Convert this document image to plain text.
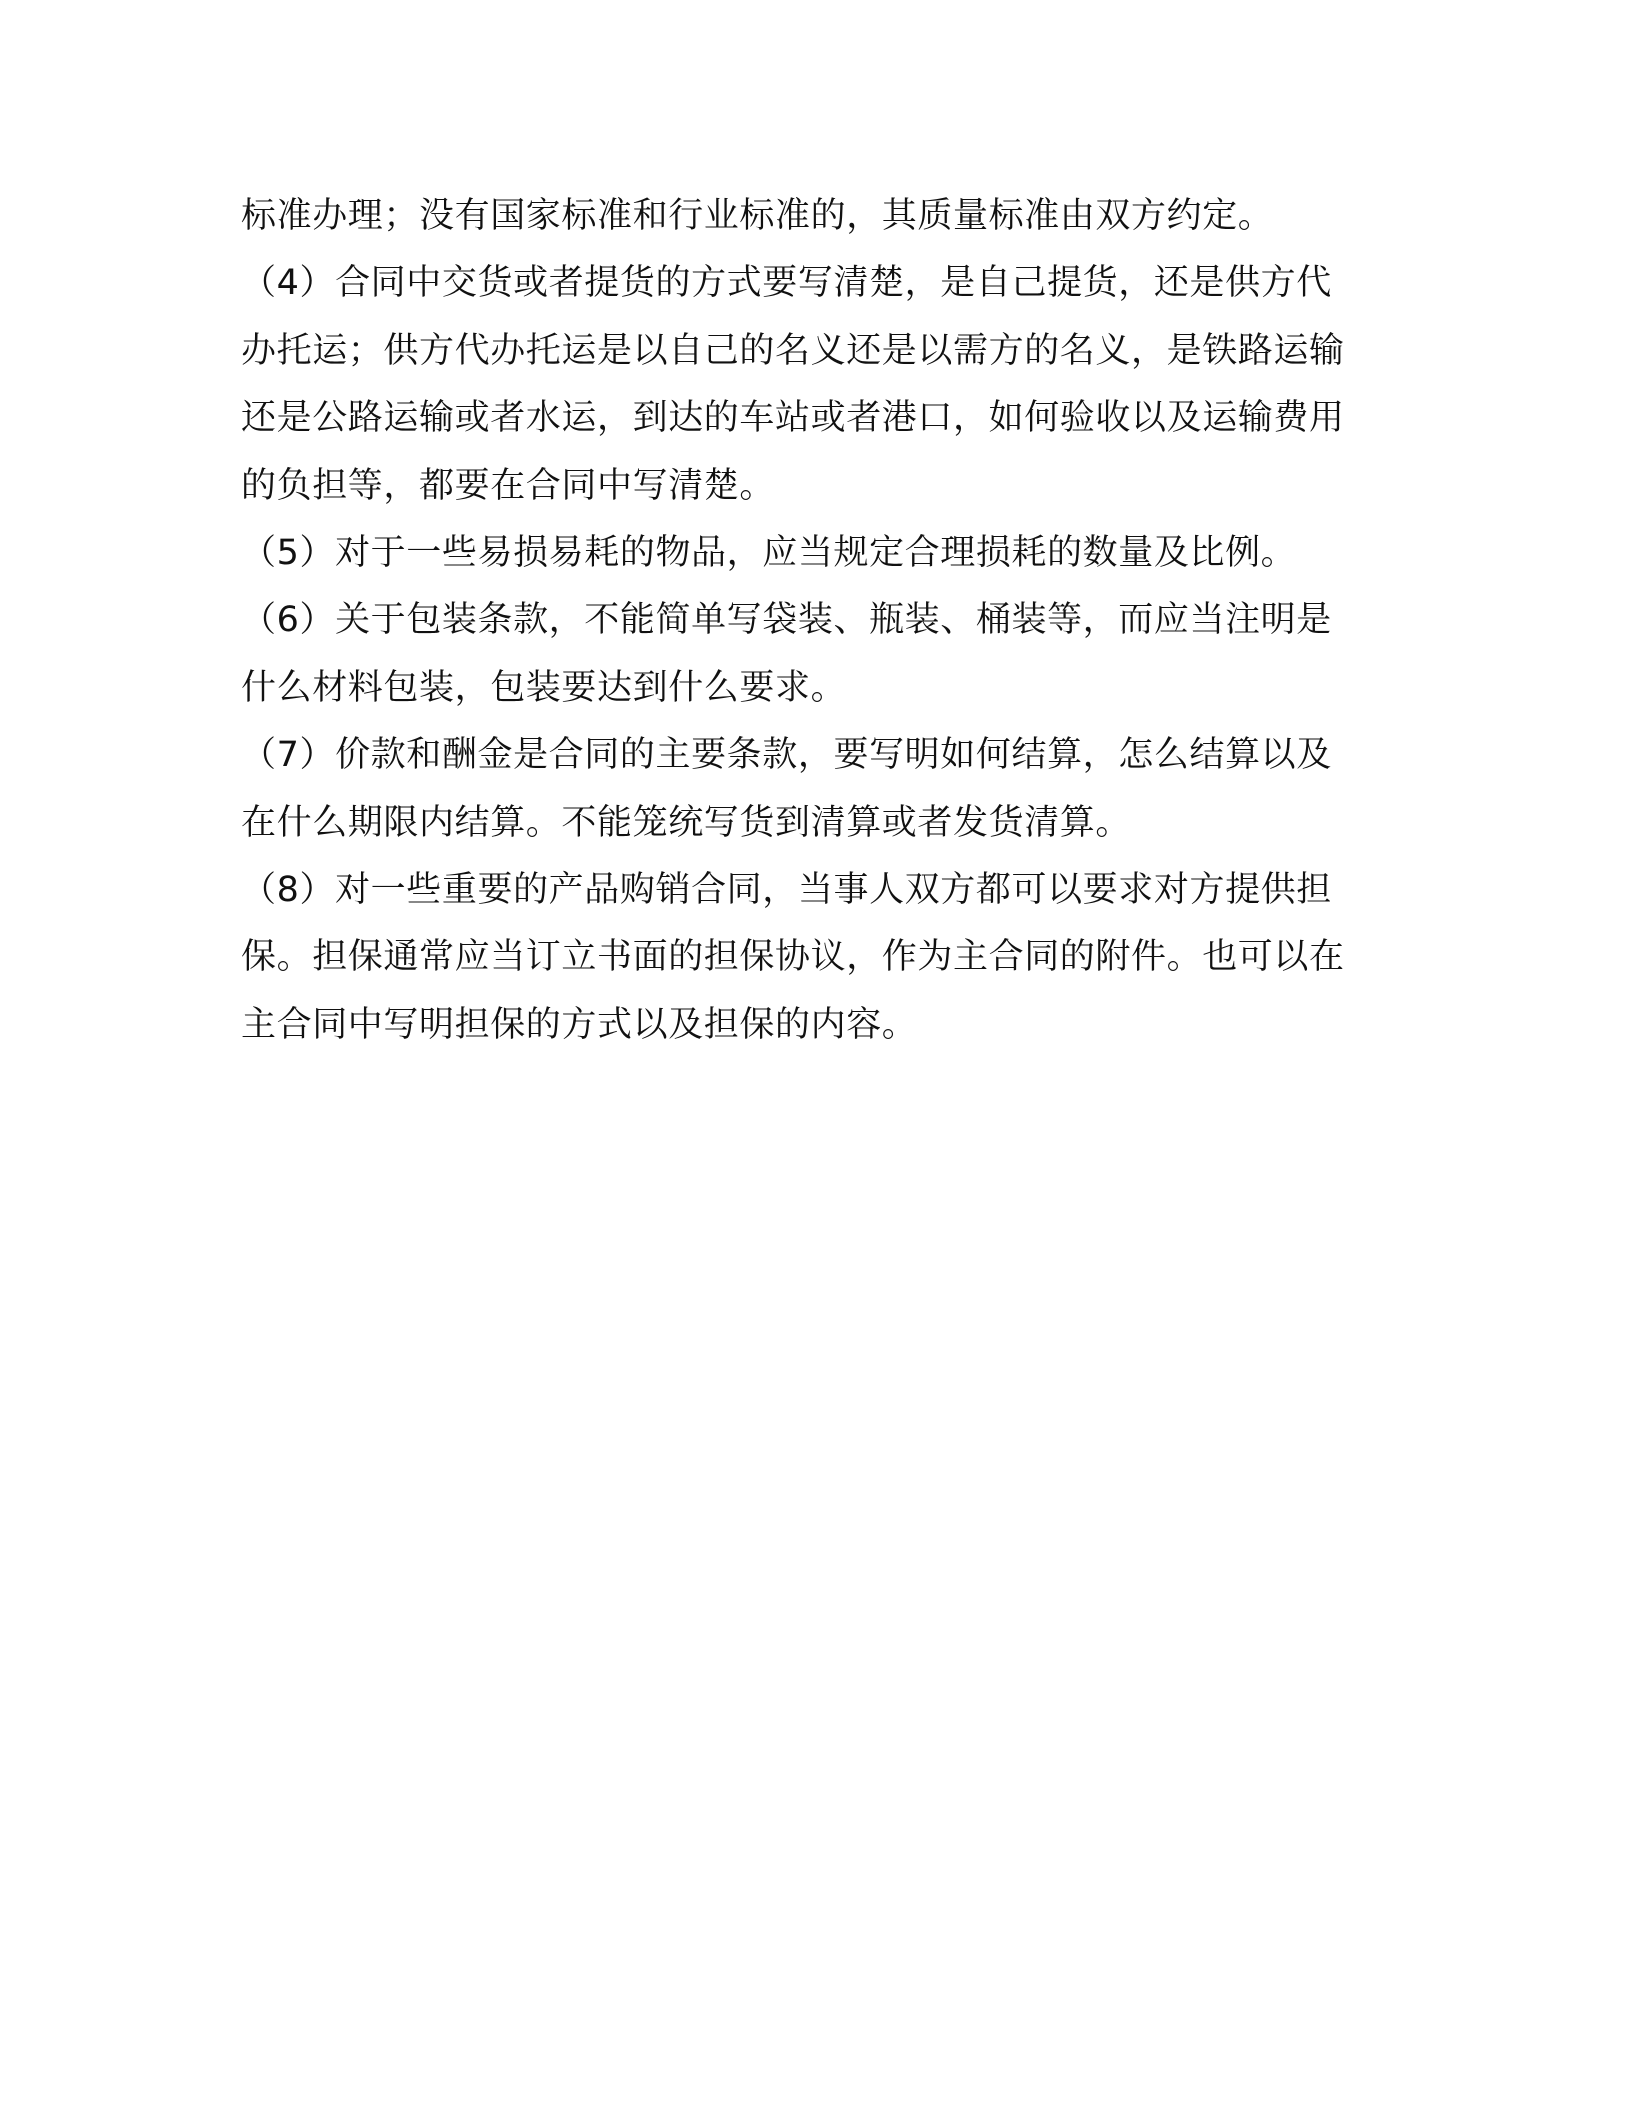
标准办理；没有国家标准和行业标准的，其质量标准由双方约定。
（4）合同中交货或者提货的方式要写清楚，是自己提货，还是供方代
办托运；供方代办托运是以自己的名义还是以需方的名义，是铁路运输
还是公路运输或者水运，到达的车站或者港口，如何验收以及运输费用
的负担等，都要在合同中写清楚。
（5）对于一些易损易耗的物品，应当规定合理损耗的数量及比例。
（6）关于包装条款，不能简单写袋装、瓶装、桶装等，而应当注明是
什么材料包装，包装要达到什么要求。
（7）价款和酬金是合同的主要条款，要写明如何结算，怎么结算以及
在什么期限内结算。不能笼统写货到清算或者发货清算。
（8）对一些重要的产品购销合同，当事人双方都可以要求对方提供担
保。担保通常应当订立书面的担保协议，作为主合同的附件。也可以在
主合同中写明担保的方式以及担保的内容。
